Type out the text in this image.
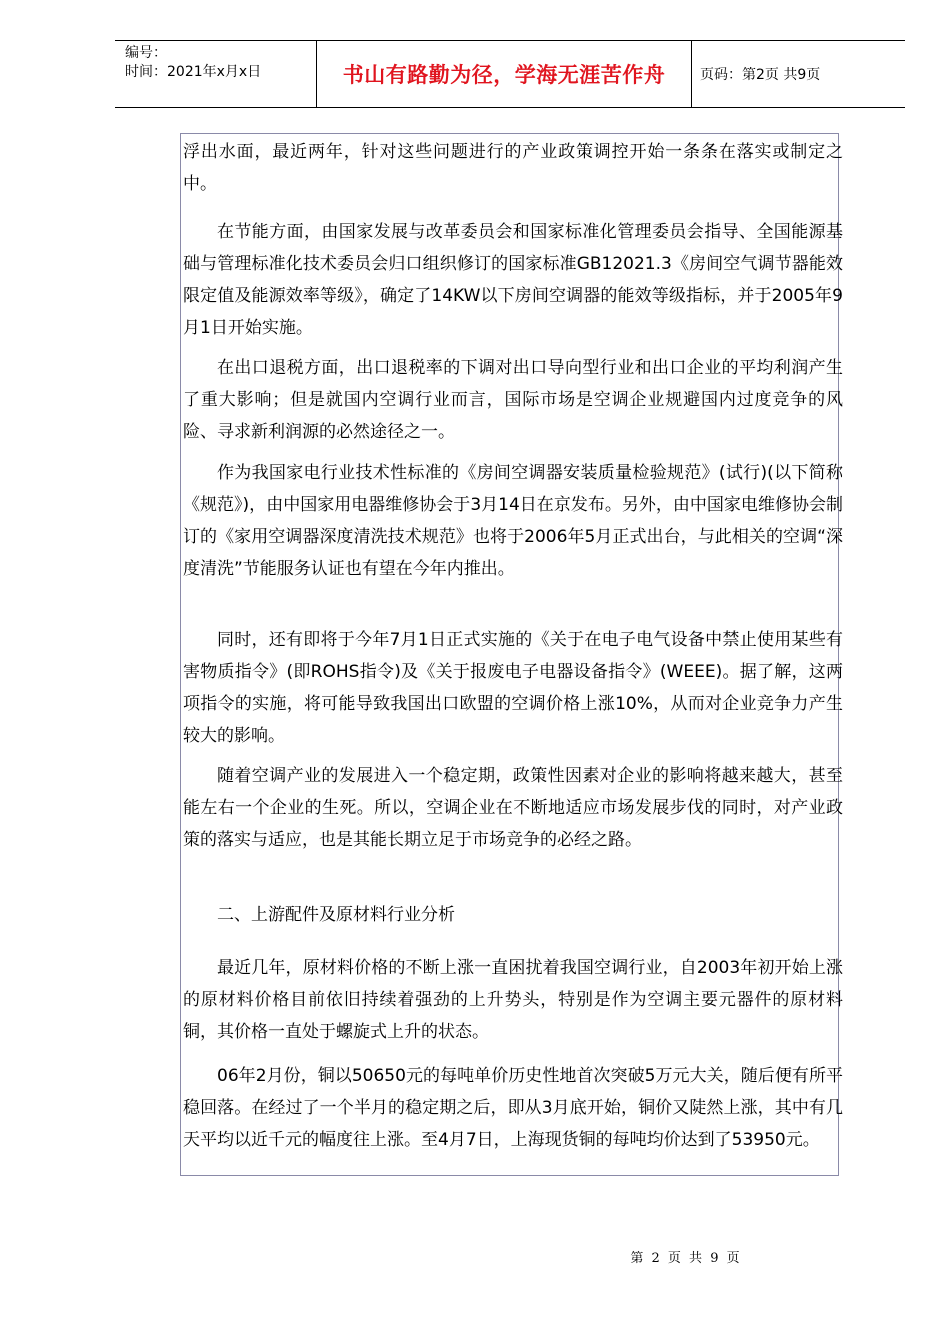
编号：
时间：2021年x月x日	书山有路勤为径，学海无涯苦作舟	页码：第2页 共9页

浮出水面，最近两年，针对这些问题进行的产业政策调控开始一条条在落实或制定之中。

在节能方面，由国家发展与改革委员会和国家标准化管理委员会指导、全国能源基础与管理标准化技术委员会归口组织修订的国家标准GB12021.3《房间空气调节器能效限定值及能源效率等级》，确定了14KW以下房间空调器的能效等级指标，并于2005年9月1日开始实施。

在出口退税方面，出口退税率的下调对出口导向型行业和出口企业的平均利润产生了重大影响；但是就国内空调行业而言，国际市场是空调企业规避国内过度竞争的风险、寻求新利润源的必然途径之一。

作为我国家电行业技术性标准的《房间空调器安装质量检验规范》(试行)(以下简称《规范》)，由中国家用电器维修协会于3月14日在京发布。另外，由中国家电维修协会制订的《家用空调器深度清洗技术规范》也将于2006年5月正式出台，与此相关的空调“深度清洗”节能服务认证也有望在今年内推出。

同时，还有即将于今年7月1日正式实施的《关于在电子电气设备中禁止使用某些有害物质指令》(即ROHS指令)及《关于报废电子电器设备指令》(WEEE)。据了解，这两项指令的实施，将可能导致我国出口欧盟的空调价格上涨10%，从而对企业竞争力产生较大的影响。

随着空调产业的发展进入一个稳定期，政策性因素对企业的影响将越来越大，甚至能左右一个企业的生死。所以，空调企业在不断地适应市场发展步伐的同时，对产业政策的落实与适应，也是其能长期立足于市场竞争的必经之路。

二、上游配件及原材料行业分析

最近几年，原材料价格的不断上涨一直困扰着我国空调行业，自2003年初开始上涨的原材料价格目前依旧持续着强劲的上升势头，特别是作为空调主要元器件的原材料铜，其价格一直处于螺旋式上升的状态。

06年2月份，铜以50650元的每吨单价历史性地首次突破5万元大关，随后便有所平稳回落。在经过了一个半月的稳定期之后，即从3月底开始，铜价又陡然上涨，其中有几天平均以近千元的幅度往上涨。至4月7日，上海现货铜的每吨均价达到了53950元。

第 2 页 共 9 页
